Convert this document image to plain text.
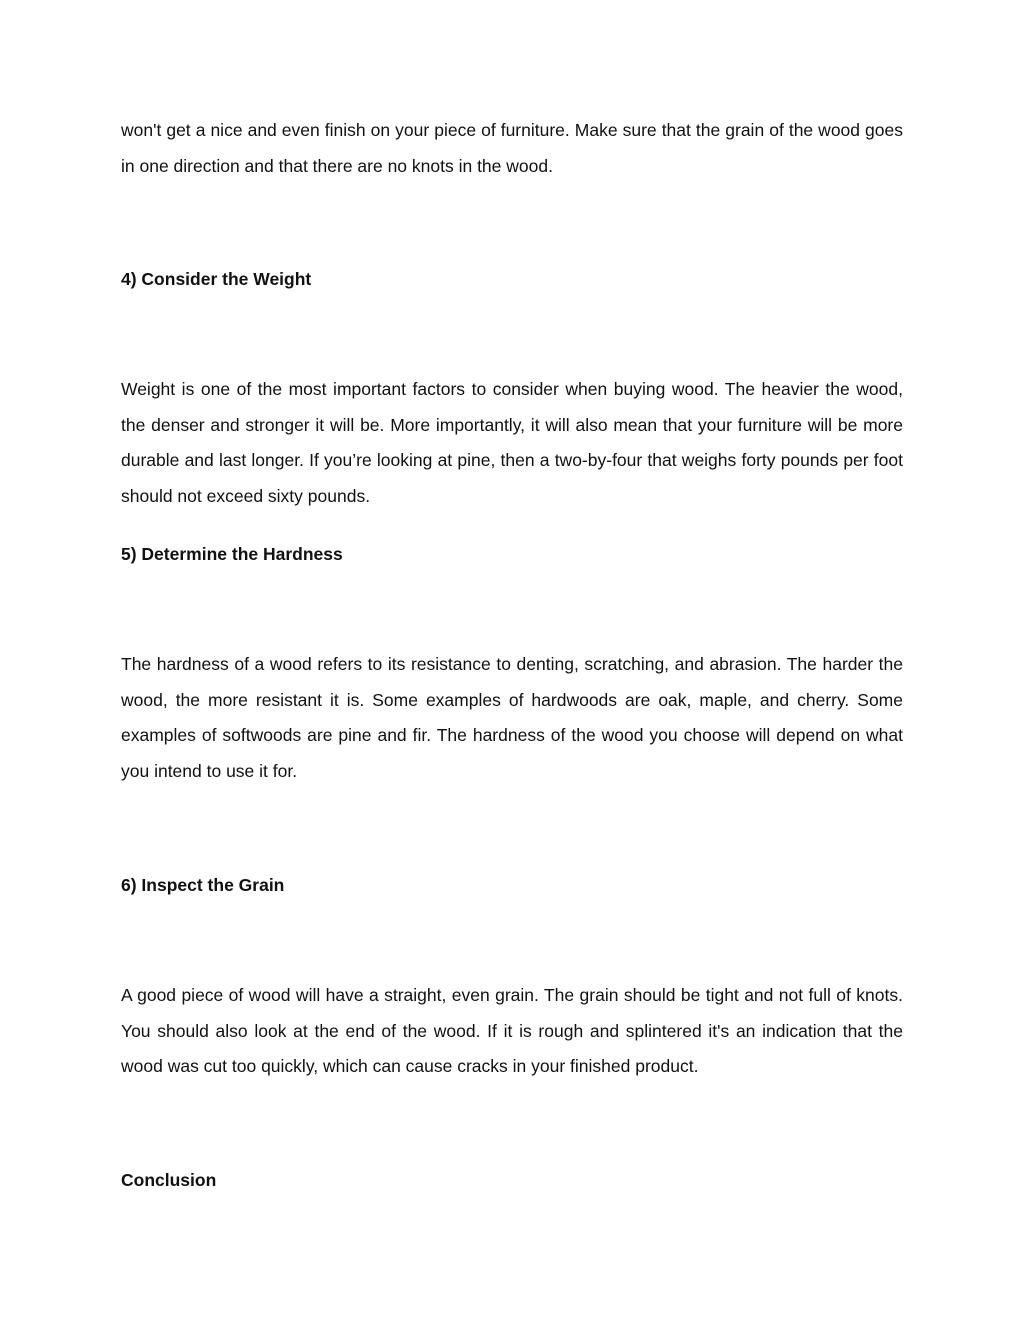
won't get a nice and even finish on your piece of furniture. Make sure that the grain of the wood goes in one direction and that there are no knots in the wood.

4) Consider the Weight

Weight is one of the most important factors to consider when buying wood. The heavier the wood, the denser and stronger it will be. More importantly, it will also mean that your furniture will be more durable and last longer. If you’re looking at pine, then a two-by-four that weighs forty pounds per foot should not exceed sixty pounds.

5) Determine the Hardness

The hardness of a wood refers to its resistance to denting, scratching, and abrasion. The harder the wood, the more resistant it is. Some examples of hardwoods are oak, maple, and cherry. Some examples of softwoods are pine and fir. The hardness of the wood you choose will depend on what you intend to use it for.

6) Inspect the Grain

A good piece of wood will have a straight, even grain. The grain should be tight and not full of knots. You should also look at the end of the wood. If it is rough and splintered it's an indication that the wood was cut too quickly, which can cause cracks in your finished product.

Conclusion
